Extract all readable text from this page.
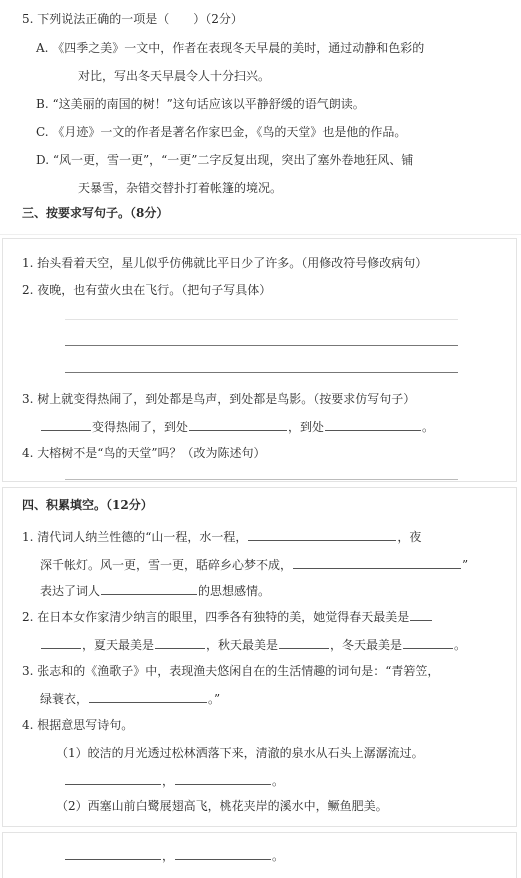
5. 下列说法正确的一项是（　　）（2分）
A. 《四季之美》一文中，作者在表现冬天早晨的美时，通过动静和色彩的
对比，写出冬天早晨令人十分扫兴。
B. “这美丽的南国的树！”这句话应该以平静舒缓的语气朗读。
C. 《月迹》一文的作者是著名作家巴金，《鸟的天堂》也是他的作品。
D. “风一更，雪一更”，“一更”二字反复出现，突出了塞外卷地狂风、铺
天暴雪，杂错交替扑打着帐篷的境况。
三、按要求写句子。（8分）
1. 抬头看着天空，星儿似乎仿佛就比平日少了许多。（用修改符号修改病句）
2. 夜晚，也有萤火虫在飞行。（把句子写具体）
3. 树上就变得热闹了，到处都是鸟声，到处都是鸟影。（按要求仿写句子）
变得热闹了，到处	，到处	。
4. 大榕树不是“鸟的天堂”吗？（改为陈述句）
四、积累填空。（12分）
1. 清代词人纳兰性德的“山一程，水一程，	，夜
深千帐灯。风一更，雪一更，聒碎乡心梦不成，	”
表达了词人	的思想感情。
2. 在日本女作家清少纳言的眼里，四季各有独特的美，她觉得春天最美是
，夏天最美是	，秋天最美是	，冬天最美是	。
3. 张志和的《渔歌子》中，表现渔夫悠闲自在的生活情趣的词句是：“青箬笠，
绿蓑衣，	。”
4. 根据意思写诗句。
（1）皎洁的月光透过松林洒落下来，清澈的泉水从石头上潺潺流过。
，	。
（2）西塞山前白鹭展翅高飞，桃花夹岸的溪水中，鳜鱼肥美。
，	。
